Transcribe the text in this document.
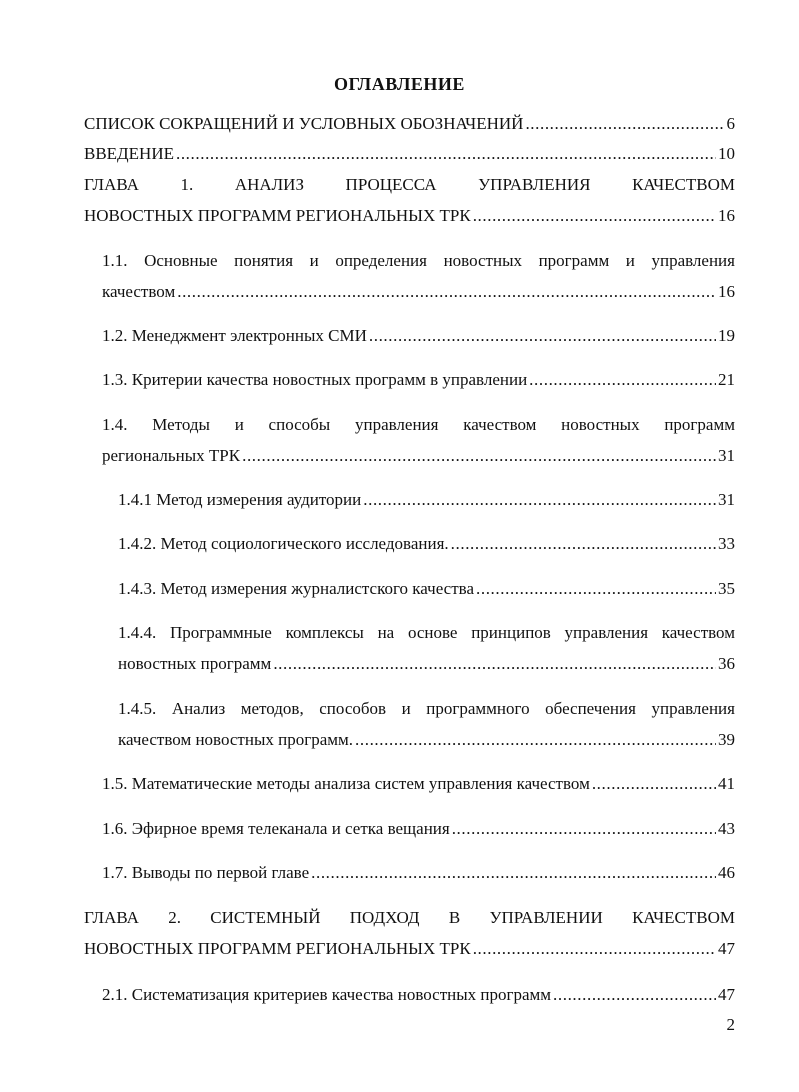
ОГЛАВЛЕНИЕ
СПИСОК СОКРАЩЕНИЙ И УСЛОВНЫХ ОБОЗНАЧЕНИЙ .....	6
ВВЕДЕНИЕ .....	10
ГЛАВА 1. АНАЛИЗ ПРОЦЕССА УПРАВЛЕНИЯ КАЧЕСТВОМ
НОВОСТНЫХ ПРОГРАММ РЕГИОНАЛЬНЫХ ТРК .....	16
1.1. Основные понятия и определения новостных программ и управления
качеством .....	16
1.2. Менеджмент электронных СМИ .....	19
1.3. Критерии качества новостных программ в управлении .....	21
1.4. Методы и способы управления качеством новостных программ
региональных ТРК .....	31
1.4.1 Метод измерения аудитории .....	31
1.4.2. Метод социологического исследования. .....	33
1.4.3. Метод измерения журналистского качества .....	35
1.4.4. Программные комплексы на основе принципов управления качеством
новостных программ .....	36
1.4.5. Анализ методов, способов и программного обеспечения управления
качеством новостных программ. .....	39
1.5. Математические методы анализа систем управления качеством .....	41
1.6. Эфирное время телеканала и сетка вещания .....	43
1.7. Выводы по первой главе .....	46
ГЛАВА 2. СИСТЕМНЫЙ ПОДХОД В УПРАВЛЕНИИ КАЧЕСТВОМ
НОВОСТНЫХ ПРОГРАММ РЕГИОНАЛЬНЫХ ТРК .....	47
2.1. Систематизация критериев качества новостных программ .....	47
2
